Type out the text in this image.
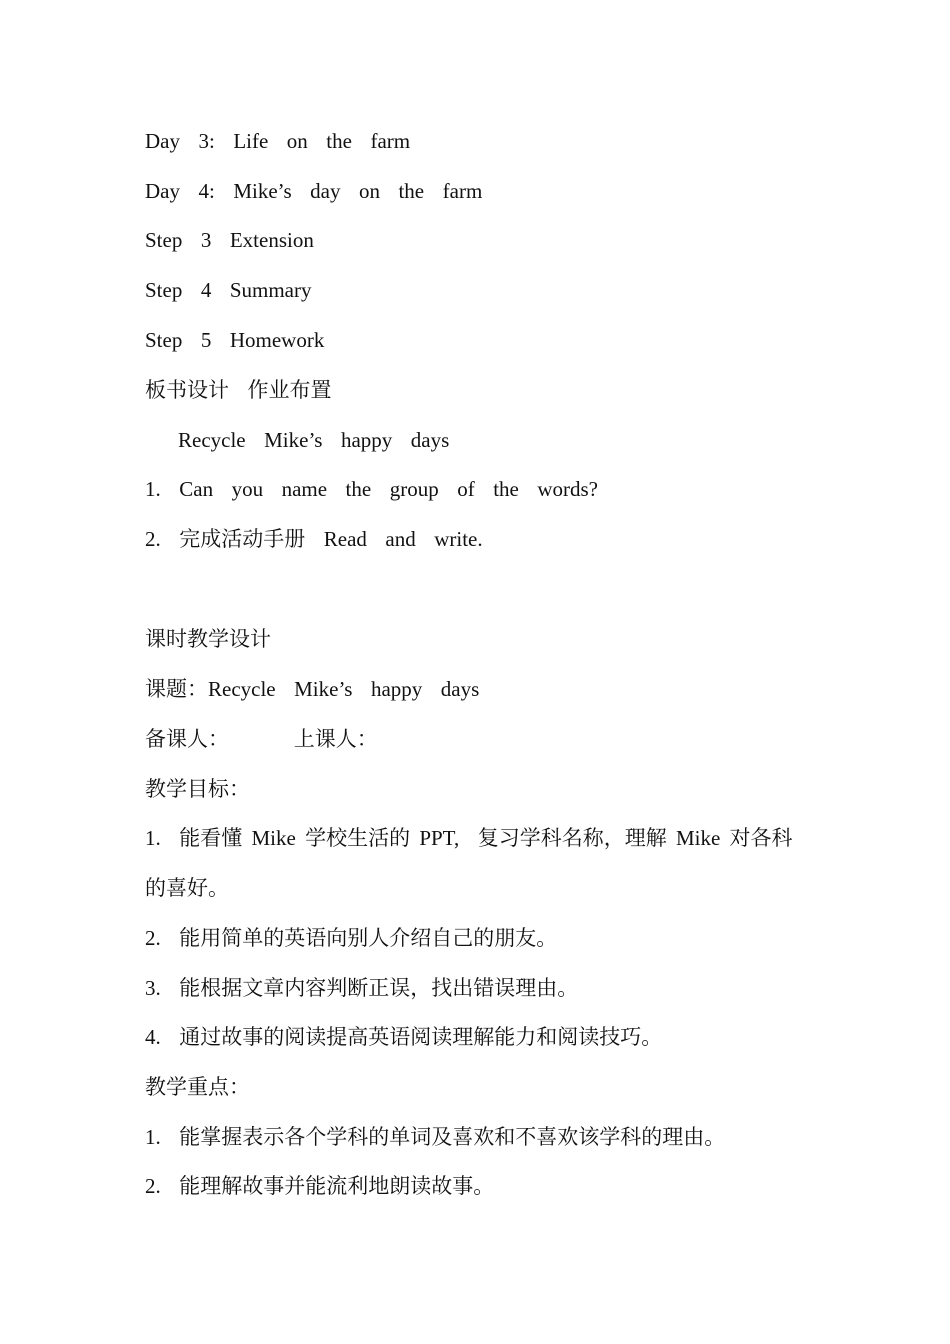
Day  3:  Life  on  the  farm
Day  4:  Mike’s  day  on  the  farm
Step  3  Extension
Step  4  Summary
Step  5  Homework
板书设计  作业布置
Recycle  Mike’s  happy  days
1.  Can  you  name  the  group  of  the  words?
2.  完成活动手册  Read  and  write.
课时教学设计
课题：Recycle  Mike’s  happy  days
备课人：       上课人：
教学目标：
1.  能看懂 Mike 学校生活的 PPT,  复习学科名称，理解 Mike 对各科
的喜好。
2.  能用简单的英语向别人介绍自己的朋友。
3.  能根据文章内容判断正误，找出错误理由。
4.  通过故事的阅读提高英语阅读理解能力和阅读技巧。
教学重点：
1.  能掌握表示各个学科的单词及喜欢和不喜欢该学科的理由。
2.  能理解故事并能流利地朗读故事。
